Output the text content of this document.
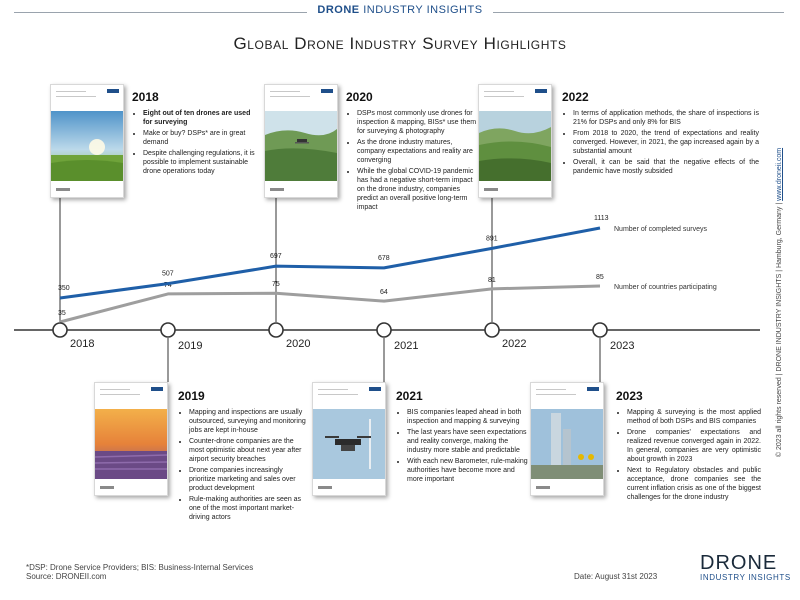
DRONE INDUSTRY INSIGHTS
Global Drone Industry Survey Highlights
35
74	75
64
81	85
Number of countries participating
350
507
697	678
891
1113
Number of completed surveys
2018	2019	2020	2021	2022	2023
2018
• Eight out of ten drones are used for surveying
• Make or buy? DSPs* are in great demand
• Despite challenging regulations, it is possible to implement sustainable drone operations today
2020
• DSPs most commonly use drones for inspection & mapping, BISs* use them for surveying & photography
• As the drone industry matures, company expectations and reality are converging
• While the global COVID-19 pandemic has had a negative short-term impact on the drone industry, companies predict an overall positive long-term impact
2022
• In terms of application methods, the share of inspections is 21% for DSPs and only 8% for BIS
• From 2018 to 2020, the trend of expectations and reality converged. However, in 2021, the gap increased again by a substantial amount
• Overall, it can be said that the negative effects of the pandemic have mostly subsided
2019
• Mapping and inspections are usually outsourced, surveying and monitoring jobs are kept in-house
• Counter-drone companies are the most optimistic about next year after airport security breaches
• Drone companies increasingly prioritize marketing and sales over product development
• Rule-making authorities are seen as one of the most important market-driving actors
2021
• BIS companies leaped ahead in both inspection and mapping & surveying
• The last years have seen expectations and reality converge, making the industry more stable and predictable
• With each new Barometer, rule-making authorities have become more and more important
2023
• Mapping & surveying is the most applied method of both DSPs and BIS companies
• Drone companies' expectations and realized revenue converged again in 2022. In general, companies are very optimistic about growth in 2023
• Next to Regulatory obstacles and public acceptance, drone companies see the current inflation crisis as one of the biggest challenges for the drone industry
*DSP: Drone Service Providers; BIS: Business-Internal Services
Source: DRONEII.com	Date: August 31st 2023
DRONE
INDUSTRY INSIGHTS
© 2023 all rights reserved | DRONE INDUSTRY INSIGHTS | Hamburg, Germany | www.droneii.com
